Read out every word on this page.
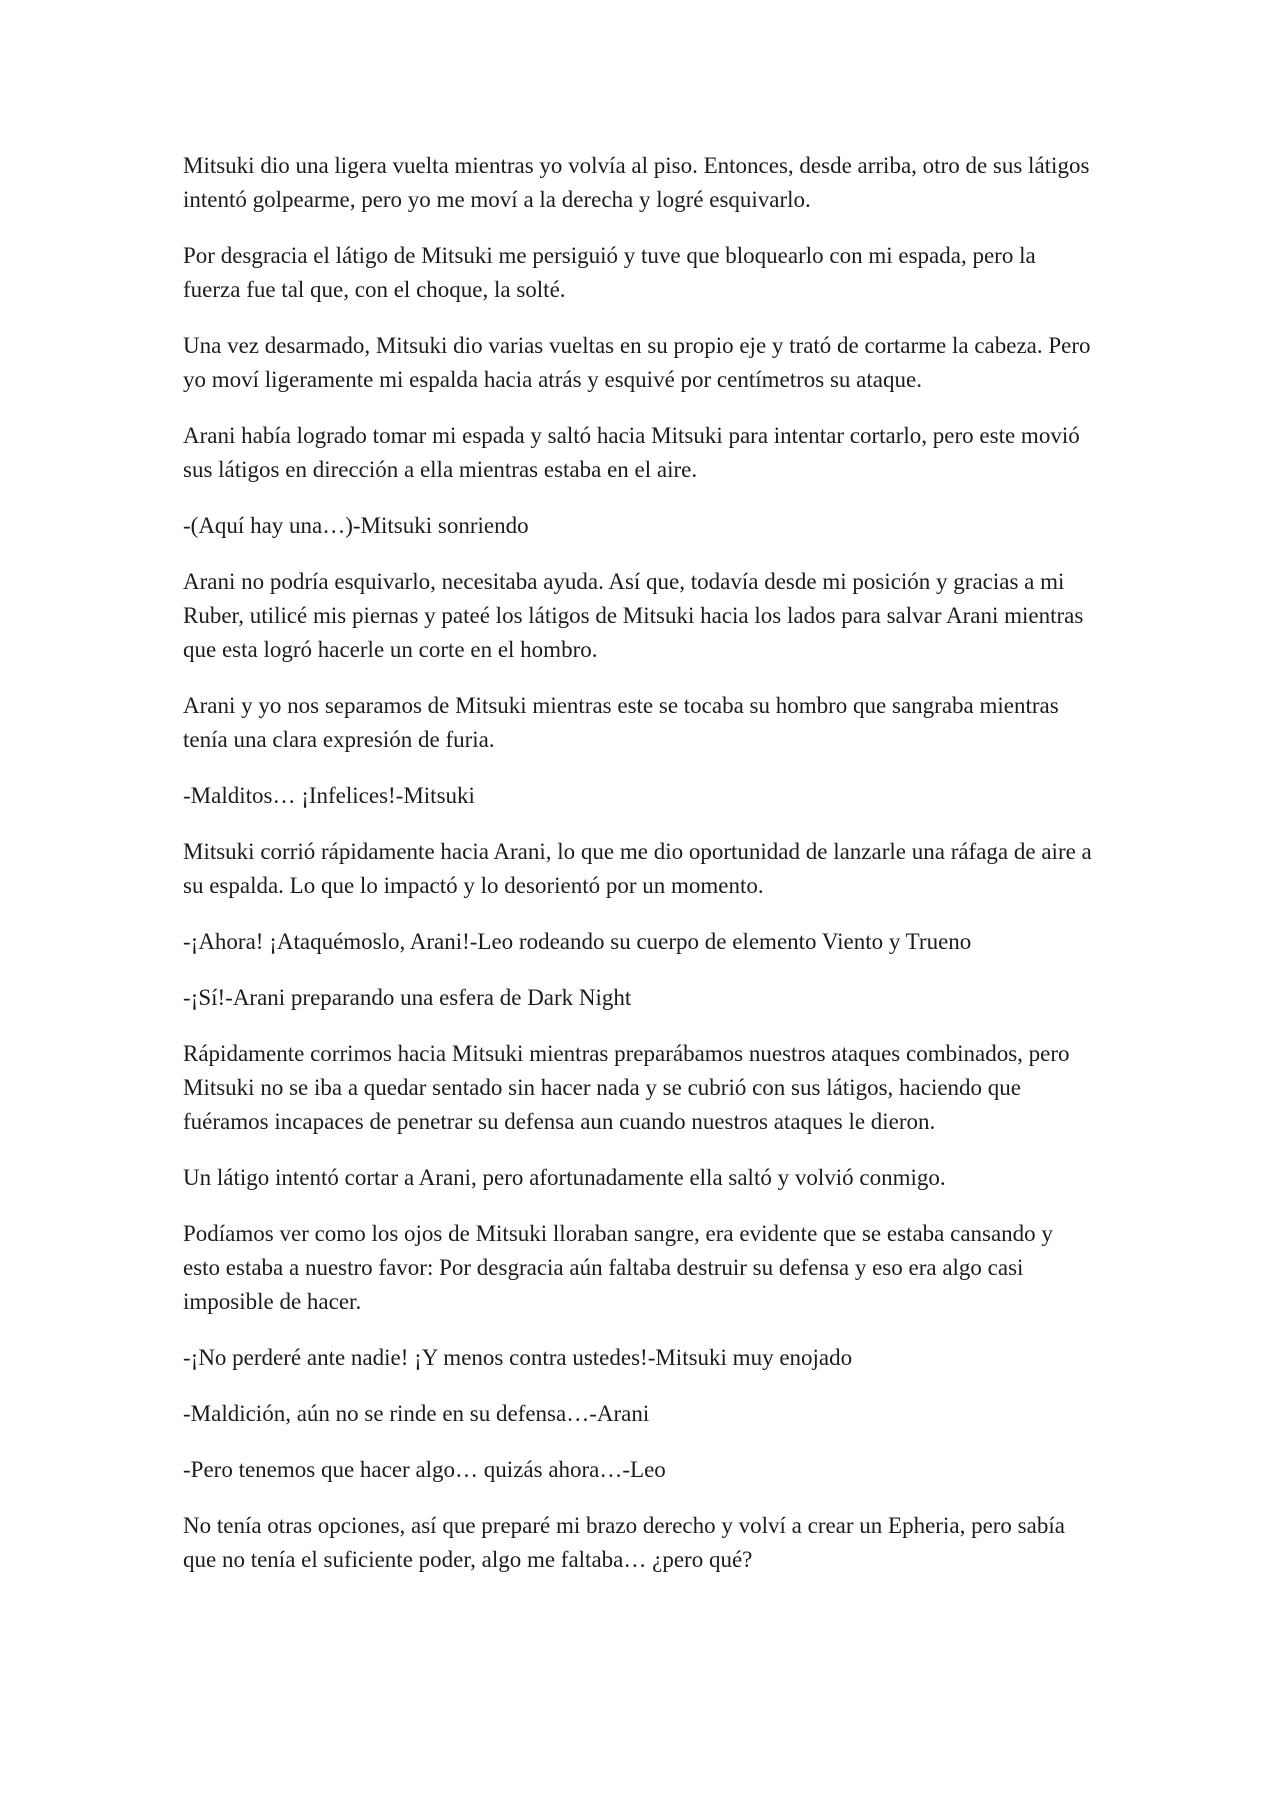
Mitsuki dio una ligera vuelta mientras yo volvía al piso. Entonces, desde arriba, otro de sus látigos intentó golpearme, pero yo me moví a la derecha y logré esquivarlo.

Por desgracia el látigo de Mitsuki me persiguió y tuve que bloquearlo con mi espada, pero la fuerza fue tal que, con el choque, la solté.

Una vez desarmado, Mitsuki dio varias vueltas en su propio eje y trató de cortarme la cabeza. Pero yo moví ligeramente mi espalda hacia atrás y esquivé por centímetros su ataque.

Arani había logrado tomar mi espada y saltó hacia Mitsuki para intentar cortarlo, pero este movió sus látigos en dirección a ella mientras estaba en el aire.

-(Aquí hay una…)-Mitsuki sonriendo

Arani no podría esquivarlo, necesitaba ayuda. Así que, todavía desde mi posición y gracias a mi Ruber, utilicé mis piernas y pateé los látigos de Mitsuki hacia los lados para salvar Arani mientras que esta logró hacerle un corte en el hombro.

Arani y yo nos separamos de Mitsuki mientras este se tocaba su hombro que sangraba mientras tenía una clara expresión de furia.

-Malditos… ¡Infelices!-Mitsuki

Mitsuki corrió rápidamente hacia Arani, lo que me dio oportunidad de lanzarle una ráfaga de aire a su espalda. Lo que lo impactó y lo desorientó por un momento.

-¡Ahora! ¡Ataquémoslo, Arani!-Leo rodeando su cuerpo de elemento Viento y Trueno

-¡Sí!-Arani preparando una esfera de Dark Night

Rápidamente corrimos hacia Mitsuki mientras preparábamos nuestros ataques combinados, pero Mitsuki no se iba a quedar sentado sin hacer nada y se cubrió con sus látigos, haciendo que fuéramos incapaces de penetrar su defensa aun cuando nuestros ataques le dieron.

Un látigo intentó cortar a Arani, pero afortunadamente ella saltó y volvió conmigo.

Podíamos ver como los ojos de Mitsuki lloraban sangre, era evidente que se estaba cansando y esto estaba a nuestro favor: Por desgracia aún faltaba destruir su defensa y eso era algo casi imposible de hacer.

-¡No perderé ante nadie! ¡Y menos contra ustedes!-Mitsuki muy enojado

-Maldición, aún no se rinde en su defensa…-Arani

-Pero tenemos que hacer algo… quizás ahora…-Leo

No tenía otras opciones, así que preparé mi brazo derecho y volví a crear un Epheria, pero sabía que no tenía el suficiente poder, algo me faltaba… ¿pero qué?
